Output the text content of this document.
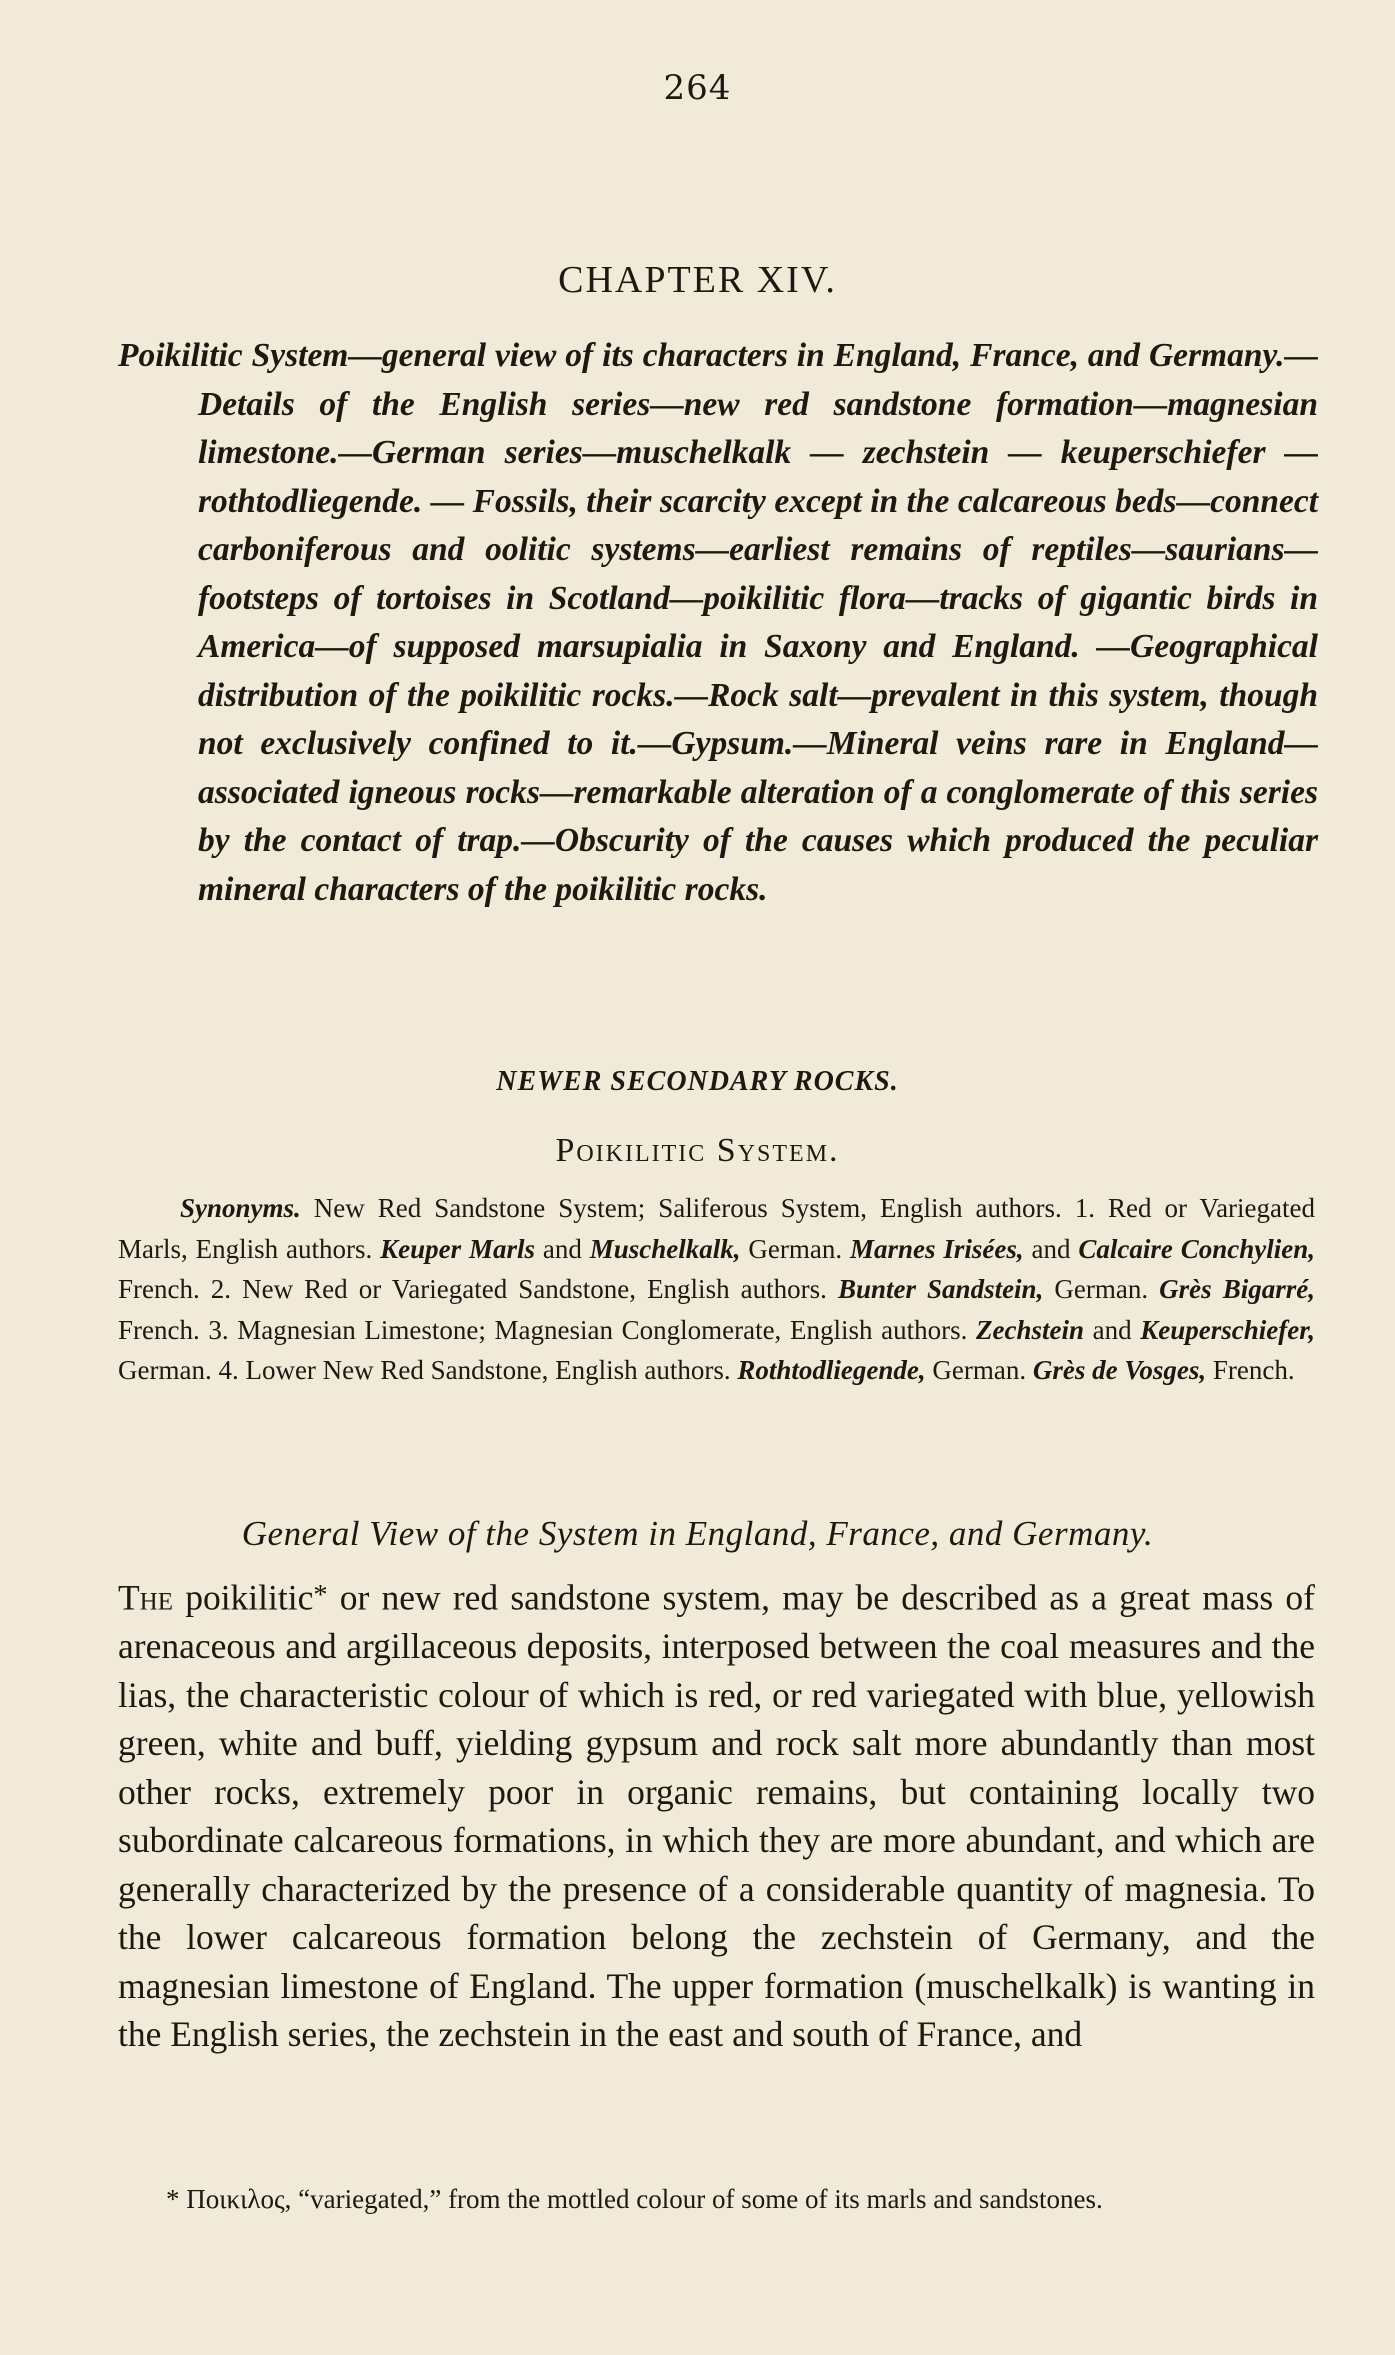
264
CHAPTER XIV.
Poikilitic System—general view of its characters in England, France, and Germany.—Details of the English series—new red sandstone formation—magnesian limestone.—German series—muschelkalk — zechstein — keuperschiefer — rothtodliegende. — Fossils, their scarcity except in the calcareous beds—connect carboniferous and oolitic systems—earliest remains of reptiles—saurians—footsteps of tortoises in Scotland—poikilitic flora—tracks of gigantic birds in America—of supposed marsupialia in Saxony and England. —Geographical distribution of the poikilitic rocks.—Rock salt—prevalent in this system, though not exclusively confined to it.—Gypsum.—Mineral veins rare in England—associated igneous rocks—remarkable alteration of a conglomerate of this series by the contact of trap.—Obscurity of the causes which produced the peculiar mineral characters of the poikilitic rocks.
NEWER SECONDARY ROCKS.
Poikilitic System.
Synonyms. New Red Sandstone System; Saliferous System, English authors. 1. Red or Variegated Marls, English authors. Keuper Marls and Muschelkalk, German. Marnes Irisées, and Calcaire Conchylien, French. 2. New Red or Variegated Sandstone, English authors. Bunter Sandstein, German. Grès Bigarré, French. 3. Magnesian Limestone; Magnesian Conglomerate, English authors. Zechstein and Keuperschiefer, German. 4. Lower New Red Sandstone, English authors. Rothtodliegende, German. Grès de Vosges, French.
General View of the System in England, France, and Germany.
The poikilitic* or new red sandstone system, may be described as a great mass of arenaceous and argillaceous deposits, interposed between the coal measures and the lias, the characteristic colour of which is red, or red variegated with blue, yellowish green, white and buff, yielding gypsum and rock salt more abundantly than most other rocks, extremely poor in organic remains, but containing locally two subordinate calcareous formations, in which they are more abundant, and which are generally characterized by the presence of a considerable quantity of magnesia. To the lower calcareous formation belong the zechstein of Germany, and the magnesian limestone of England. The upper formation (muschelkalk) is wanting in the English series, the zechstein in the east and south of France, and
* Ποικιλος, “variegated,” from the mottled colour of some of its marls and sandstones.
